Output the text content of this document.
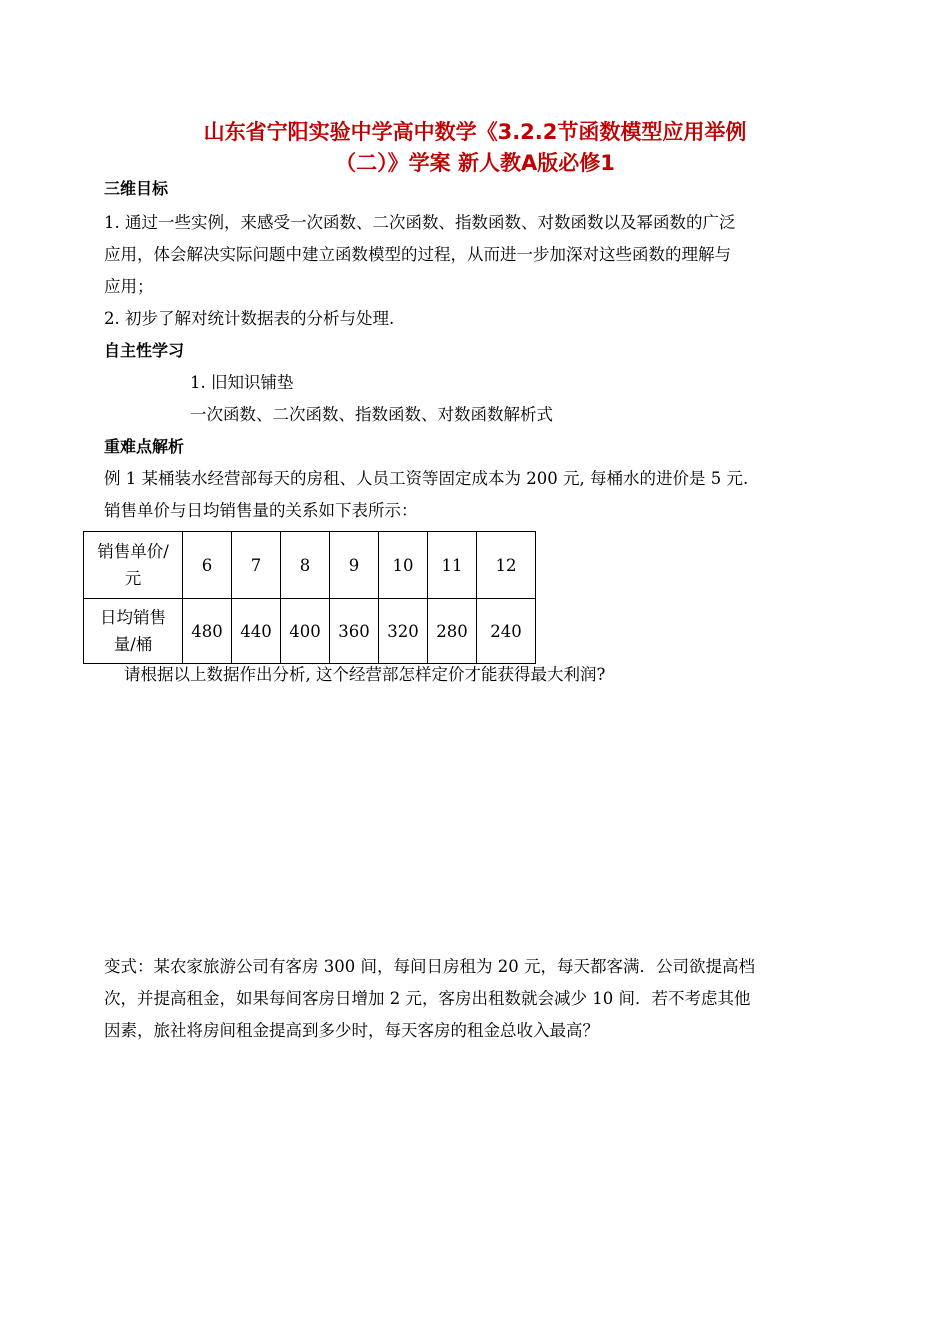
山东省宁阳实验中学高中数学《3.2.2节函数模型应用举例
（二）》学案 新人教A版必修1
三维目标
1. 通过一些实例，来感受一次函数、二次函数、指数函数、对数函数以及幂函数的广泛
应用，体会解决实际问题中建立函数模型的过程，从而进一步加深对这些函数的理解与
应用；
2. 初步了解对统计数据表的分析与处理.
自主性学习
1. 旧知识铺垫
一次函数、二次函数、指数函数、对数函数解析式
重难点解析
例 1 某桶装水经营部每天的房租、人员工资等固定成本为 200 元, 每桶水的进价是 5 元.
销售单价与日均销售量的关系如下表所示：
销售单价/元	6	7	8	9	10	11	12

日均销售量/桶	480	440	400	360	320	280	240
请根据以上数据作出分析, 这个经营部怎样定价才能获得最大利润?
变式：某农家旅游公司有客房 300 间，每间日房租为 20 元，每天都客满．公司欲提高档
次，并提高租金，如果每间客房日增加 2 元，客房出租数就会减少 10 间．若不考虑其他
因素，旅社将房间租金提高到多少时，每天客房的租金总收入最高？
